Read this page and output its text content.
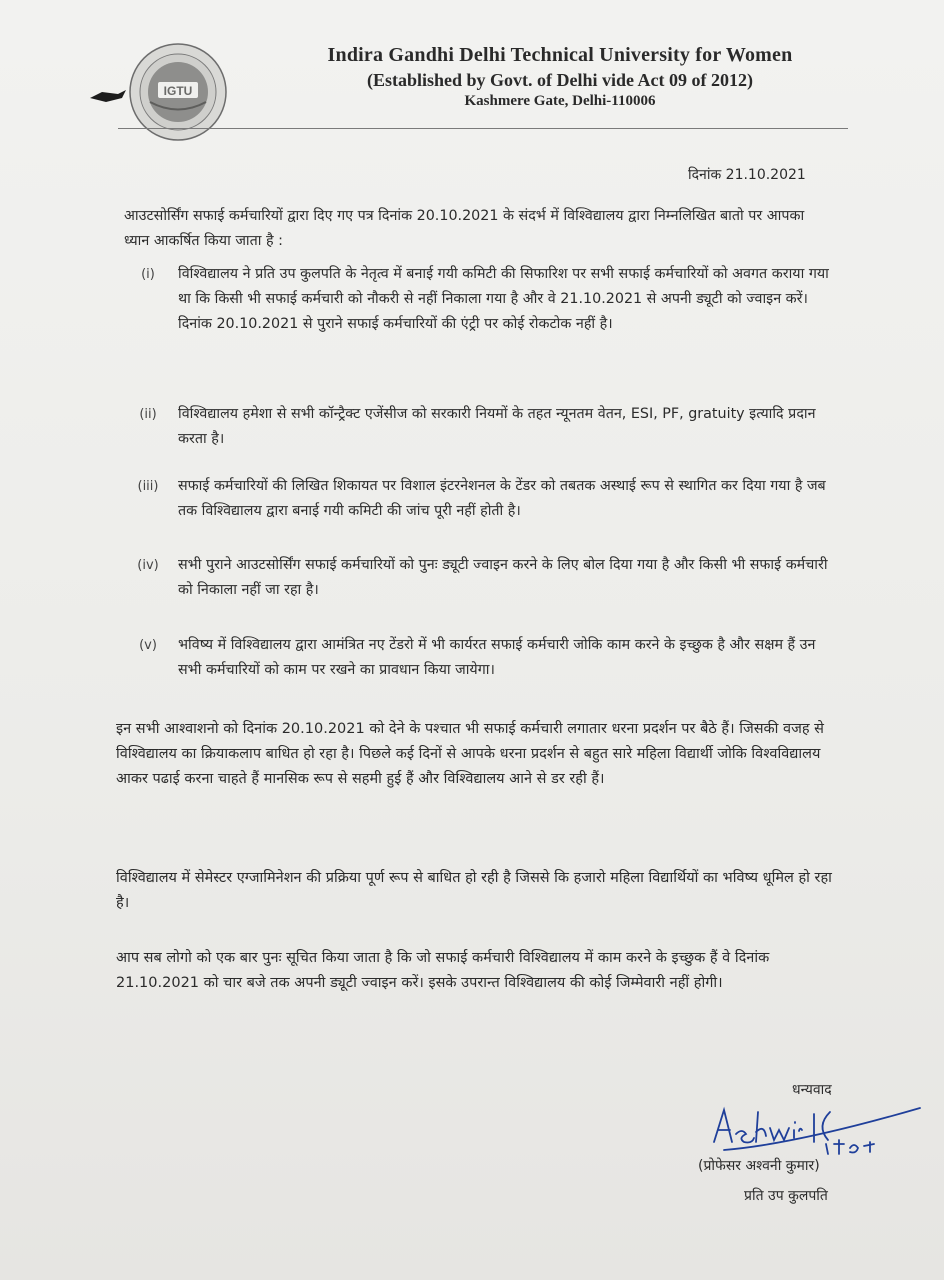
IGTU
Indira Gandhi Delhi Technical University for Women
(Established by Govt. of Delhi vide Act 09 of 2012)
Kashmere Gate, Delhi-110006
दिनांक 21.10.2021
आउटसोर्सिंग सफाई कर्मचारियों द्वारा दिए गए पत्र दिनांक 20.10.2021 के संदर्भ में विश्विद्यालय द्वारा निम्नलिखित बातो पर आपका ध्यान आकर्षित किया जाता है :
(i)	विश्विद्यालय ने प्रति उप कुलपति के नेतृत्व में बनाई गयी कमिटी की सिफारिश पर सभी सफाई कर्मचारियों को अवगत कराया गया था कि किसी भी सफाई कर्मचारी को नौकरी से नहीं निकाला गया है और वे 21.10.2021 से अपनी ड्यूटी को ज्वाइन करें। दिनांक 20.10.2021 से पुराने सफाई कर्मचारियों की एंट्री पर कोई रोकटोक नहीं है।
(ii)	विश्विद्यालय हमेशा से सभी कॉन्ट्रैक्ट एजेंसीज को सरकारी नियमों के तहत न्यूनतम वेतन, ESI, PF, gratuity इत्यादि प्रदान करता है।
(iii)	सफाई कर्मचारियों की लिखित शिकायत पर विशाल इंटरनेशनल के टेंडर को तबतक अस्थाई रूप से स्थागित कर दिया गया है जब तक विश्विद्यालय द्वारा बनाई गयी कमिटी की जांच पूरी नहीं होती है।
(iv)	सभी पुराने आउटसोर्सिंग सफाई कर्मचारियों को पुनः ड्यूटी ज्वाइन करने के लिए बोल दिया गया है और किसी भी सफाई कर्मचारी को निकाला नहीं जा रहा है।
(v)	भविष्य में विश्विद्यालय द्वारा आमंत्रित नए टेंडरो में भी कार्यरत सफाई कर्मचारी जोकि काम करने के इच्छुक है और सक्षम हैं उन सभी कर्मचारियों को काम पर रखने का प्रावधान किया जायेगा।
इन सभी आश्वाशनो को दिनांक 20.10.2021 को देने के पश्चात भी सफाई कर्मचारी लगातार धरना प्रदर्शन पर बैठे हैं। जिसकी वजह से विश्विद्यालय का क्रियाकलाप बाधित हो रहा है। पिछले कई दिनों से आपके धरना प्रदर्शन से बहुत सारे महिला विद्यार्थी जोकि विश्वविद्यालय आकर पढाई करना चाहते हैं मानसिक रूप से सहमी हुई हैं और विश्विद्यालय आने से डर रही हैं।
विश्विद्यालय में सेमेस्टर एग्जामिनेशन की प्रक्रिया पूर्ण रूप से बाधित हो रही है जिससे कि हजारो महिला विद्यार्थियों का भविष्य धूमिल हो रहा है।
आप सब लोगो को एक बार पुनः सूचित किया जाता है कि जो सफाई कर्मचारी विश्विद्यालय में काम करने के इच्छुक हैं वे दिनांक 21.10.2021 को चार बजे तक अपनी ड्यूटी ज्वाइन करें। इसके उपरान्त विश्विद्यालय की कोई जिम्मेवारी नहीं होगी।
धन्यवाद
(प्रोफेसर अश्वनी कुमार)
प्रति उप कुलपति
